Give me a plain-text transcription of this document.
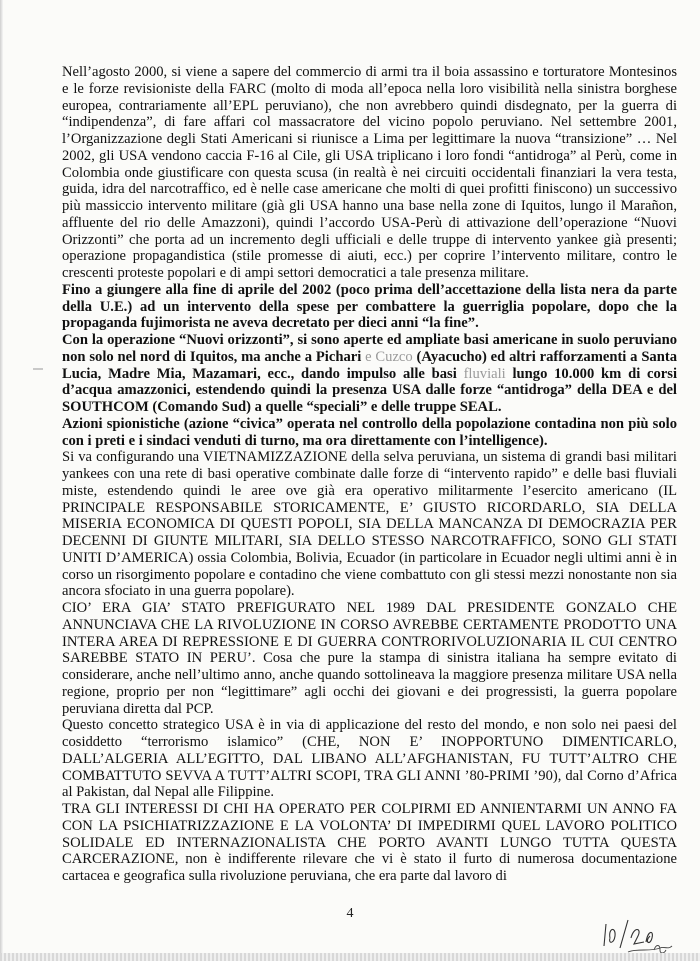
Nell’agosto 2000, si viene a sapere del commercio di armi tra il boia assassino e torturatore Montesinos e le forze revisioniste della FARC (molto di moda all’epoca nella loro visibilità nella sinistra borghese europea, contrariamente all’EPL peruviano), che non avrebbero quindi disdegnato, per la guerra di “indipendenza”, di fare affari col massacratore del vicino popolo peruviano. Nel settembre 2001, l’Organizzazione degli Stati Americani si riunisce a Lima per legittimare la nuova “transizione” … Nel 2002, gli USA vendono caccia F-16 al Cile, gli USA triplicano i loro fondi “antidroga” al Perù, come in Colombia onde giustificare con questa scusa (in realtà è nei circuiti occidentali finanziari la vera testa, guida, idra del narcotraffico, ed è nelle case americane che molti di quei profitti finiscono) un successivo più massiccio intervento militare (già gli USA hanno una base nella zone di Iquitos, lungo il Marañon, affluente del rio delle Amazzoni), quindi l’accordo USA-Perù di attivazione dell’operazione “Nuovi Orizzonti” che porta ad un incremento degli ufficiali e delle truppe di intervento yankee già presenti; operazione propagandistica (stile promesse di aiuti, ecc.) per coprire l’intervento militare, contro le crescenti proteste popolari e di ampi settori democratici a tale presenza militare.

Fino a giungere alla fine di aprile del 2002 (poco prima dell’accettazione della lista nera da parte della U.E.) ad un intervento della spese per combattere la guerriglia popolare, dopo che la propaganda fujimorista ne aveva decretato per dieci anni “la fine”.

Con la operazione “Nuovi orizzonti”, si sono aperte ed ampliate basi americane in suolo peruviano non solo nel nord di Iquitos, ma anche a Pichari e Cuzco (Ayacucho) ed altri rafforzamenti a Santa Lucia, Madre Mia, Mazamari, ecc., dando impulso alle basi fluviali lungo 10.000 km di corsi d’acqua amazzonici, estendendo quindi la presenza USA dalle forze “antidroga” della DEA e del SOUTHCOM (Comando Sud) a quelle “speciali” e delle truppe SEAL.

Azioni spionistiche (azione “civica” operata nel controllo della popolazione contadina non più solo con i preti e i sindaci venduti di turno, ma ora direttamente con l’intelligence).

Si va configurando una VIETNAMIZZAZIONE della selva peruviana, un sistema di grandi basi militari yankees con una rete di basi operative combinate dalle forze di “intervento rapido” e delle basi fluviali miste, estendendo quindi le aree ove già era operativo militarmente l’esercito americano (IL PRINCIPALE RESPONSABILE STORICAMENTE, E’ GIUSTO RICORDARLO, SIA DELLA MISERIA ECONOMICA DI QUESTI POPOLI, SIA DELLA MANCANZA DI DEMOCRAZIA PER DECENNI DI GIUNTE MILITARI, SIA DELLO STESSO NARCOTRAFFICO, SONO GLI STATI UNITI D’AMERICA) ossia Colombia, Bolivia, Ecuador (in particolare in Ecuador negli ultimi anni è in corso un risorgimento popolare e contadino che viene combattuto con gli stessi mezzi nonostante non sia ancora sfociato in una guerra popolare).

CIO’ ERA GIA’ STATO PREFIGURATO NEL 1989 DAL PRESIDENTE GONZALO CHE ANNUNCIAVA CHE LA RIVOLUZIONE IN CORSO AVREBBE CERTAMENTE PRODOTTO UNA INTERA AREA DI REPRESSIONE E DI GUERRA CONTRORIVOLUZIONARIA IL CUI CENTRO SAREBBE STATO IN PERU’. Cosa che pure la stampa di sinistra italiana ha sempre evitato di considerare, anche nell’ultimo anno, anche quando sottolineava la maggiore presenza militare USA nella regione, proprio per non “legittimare” agli occhi dei giovani e dei progressisti, la guerra popolare peruviana diretta dal PCP.

Questo concetto strategico USA è in via di applicazione del resto del mondo, e non solo nei paesi del cosiddetto “terrorismo islamico” (CHE, NON E’ INOPPORTUNO DIMENTICARLO, DALL’ALGERIA ALL’EGITTO, DAL LIBANO ALL’AFGHANISTAN, FU TUTT’ALTRO CHE COMBATTUTO SEVVA A TUTT’ALTRI SCOPI, TRA GLI ANNI ’80-PRIMI ’90), dal Corno d’Africa al Pakistan, dal Nepal alle Filippine.

TRA GLI INTERESSI DI CHI HA OPERATO PER COLPIRMI ED ANNIENTARMI UN ANNO FA CON LA PSICHIATRIZZAZIONE E LA VOLONTA’ DI IMPEDIRMI QUEL LAVORO POLITICO SOLIDALE ED INTERNAZIONALISTA CHE PORTO AVANTI LUNGO TUTTA QUESTA CARCERAZIONE, non è indifferente rilevare che vi è stato il furto di numerosa documentazione cartacea e geografica sulla rivoluzione peruviana, che era parte dal lavoro di

4
